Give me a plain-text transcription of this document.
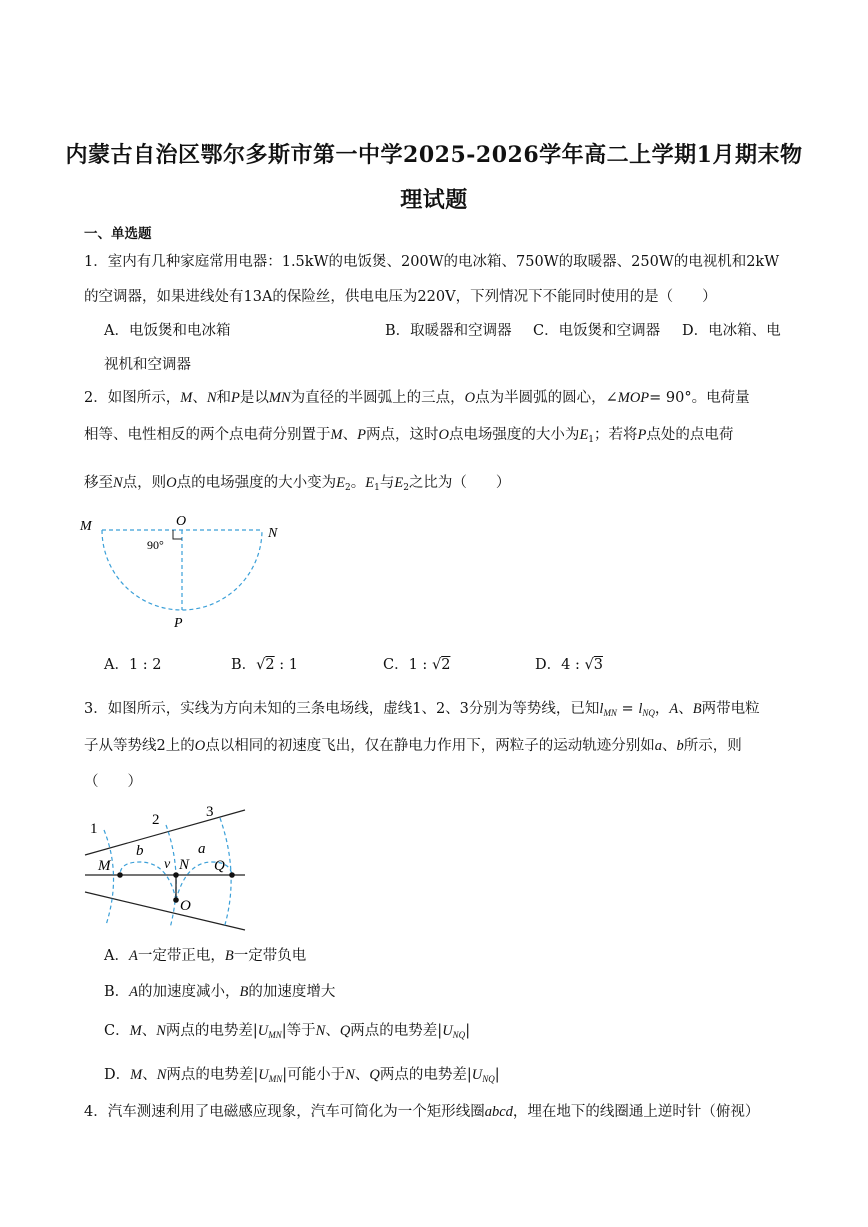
内蒙古自治区鄂尔多斯市第一中学2025-2026学年高二上学期1月期末物
理试题
一、单选题
1．室内有几种家庭常用电器：1.5kW的电饭煲、200W的电冰箱、750W的取暖器、250W的电视机和2kW
的空调器，如果进线处有13A的保险丝，供电电压为220V，下列情况下不能同时使用的是（　　）
A．电饭煲和电冰箱	B．取暖器和空调器 C．电饭煲和空调器 D．电冰箱、电
视机和空调器
2．如图所示，M、N和P是以MN为直径的半圆弧上的三点，O点为半圆弧的圆心，∠MOP= 90°。电荷量
相等、电性相反的两个点电荷分别置于M、P两点，这时O点电场强度的大小为$E_1$；若将P点处的点电荷
移至N点，则O点的电场强度的大小变为$E_2$。$E_1$与$E_2$之比为（　　）
M	O
N
P
90°
A．1 : 2	B．√2 : 1	C．1 : √2	D．4 : √3
3．如图所示，实线为方向未知的三条电场线，虚线1、2、3分别为等势线，已知$l_{MN} = l_{NQ}$，A、B两带电粒
子从等势线2上的O点以相同的初速度飞出，仅在静电力作用下，两粒子的运动轨迹分别如a、b所示，则
（　　）
1
2	3
M
b
v N
a
Q
O
A．A一定带正电，B一定带负电
B．A的加速度减小，B的加速度增大
C．M、N两点的电势差$|U_{MN}|$等于N、Q两点的电势差$|U_{NQ}|$
D．M、N两点的电势差$|U_{MN}|$可能小于N、Q两点的电势差$|U_{NQ}|$
4．汽车测速利用了电磁感应现象，汽车可简化为一个矩形线圈abcd，埋在地下的线圈通上逆时针（俯视）
